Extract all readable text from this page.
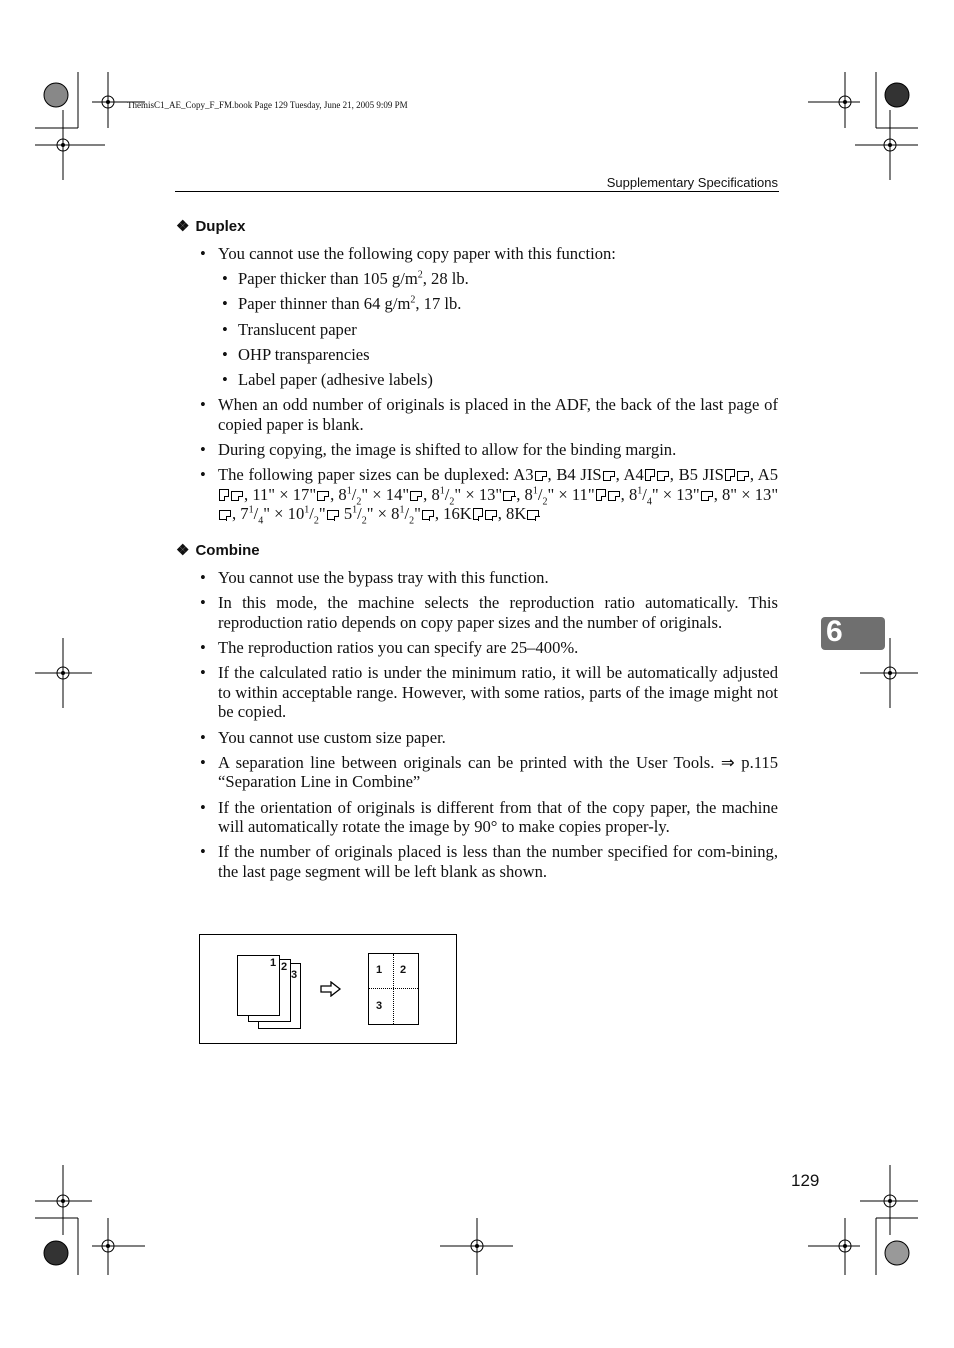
ThemisC1_AE_Copy_F_FM.book Page 129 Tuesday, June 21, 2005 9:09 PM
Supplementary Specifications
❖ Duplex
• You cannot use the following copy paper with this function:
• Paper thicker than 105 $g/m^2$, 28 lb.
• Paper thinner than 64 $g/m^2$, 17 lb.
• Translucent paper
• OHP transparencies
• Label paper (adhesive labels)
• When an odd number of originals is placed in the ADF, the back of the last page of copied paper is blank.
• During copying, the image is shifted to allow for the binding margin.
• The following paper sizes can be duplexed: A3 , B4 JIS , A4 , B5 JIS , A5, 11" × 17" , $8^1/_2$" × 14" , $8^1/_2$" × 13" , $8^1/_2$" × 11" , $8^1/_4$" × 13" , 8" × 13", $7^1/_4$" × $10^1/_2$" $5^1/_2$" × $8^1/_2$" , 16K , 8K
❖ Combine
• You cannot use the bypass tray with this function.
• In this mode, the machine selects the reproduction ratio automatically. This reproduction ratio depends on copy paper sizes and the number of originals.
• The reproduction ratios you can specify are 25–400%.
• If the calculated ratio is under the minimum ratio, it will be automatically adjusted to within acceptable range. However, with some ratios, parts of the image might not be copied.
• You cannot use custom size paper.
• A separation line between originals can be printed with the User Tools. ⇒ p.115 “Separation Line in Combine”
• If the orientation of originals is different from that of the copy paper, the machine will automatically rotate the image by 90° to make copies proper-ly.
• If the number of originals placed is less than the number specified for com-bining, the last page segment will be left blank as shown.
1 2
3	1 2
3
6
129
